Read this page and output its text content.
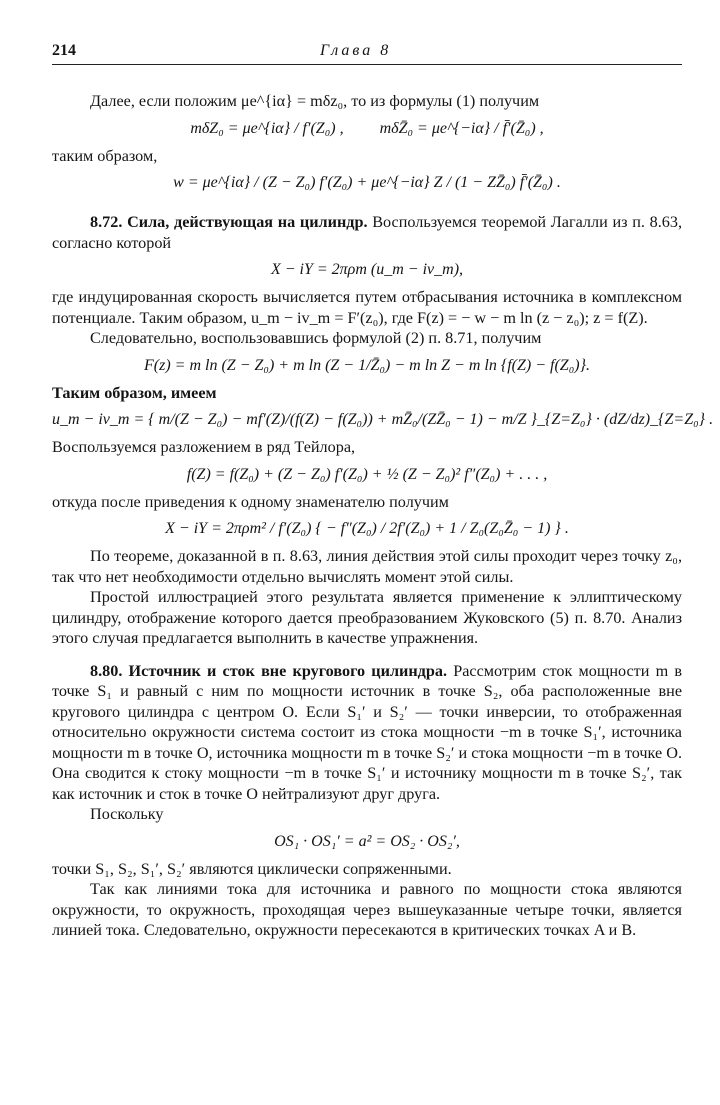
214	Глава 8

Далее, если положим μe^{iα} = mδz₀, то из формулы (1) получим

mδZ₀ = μe^{iα} / f′(Z₀) , mδZ̄₀ = μe^{−iα} / f̄′(Z̄₀) ,

таким образом,

w = μe^{iα} / (Z − Z₀) f′(Z₀) + μe^{−iα} Z / (1 − ZZ̄₀) f̄′(Z̄₀) .

8.72. Сила, действующая на цилиндр. Воспользуемся теоремой Лагалли из п. 8.63, согласно которой

X − iY = 2πρm (u_m − iv_m),

где индуцированная скорость вычисляется путем отбрасывания источника в комплексном потенциале. Таким образом, u_m − iv_m = F′(z₀), где F(z) = − w − m ln (z − z₀); z = f(Z).

Следовательно, воспользовавшись формулой (2) п. 8.71, получим

F(z) = m ln (Z − Z₀) + m ln (Z − 1/Z̄₀) − m ln Z − m ln {f(Z) − f(Z₀)}.

Таким образом, имеем

u_m − iv_m = { m/(Z − Z₀) − mf′(Z)/(f(Z) − f(Z₀)) + mZ̄₀/(ZZ̄₀ − 1) − m/Z }_{Z=Z₀} · (dZ/dz)_{Z=Z₀} .

Воспользуемся разложением в ряд Тейлора,

f(Z) = f(Z₀) + (Z − Z₀) f′(Z₀) + ½ (Z − Z₀)² f″(Z₀) + . . . ,

откуда после приведения к одному знаменателю получим

X − iY = 2πρm² / f′(Z₀) { − f″(Z₀) / 2f′(Z₀) + 1 / Z₀(Z₀Z̄₀ − 1) } .

По теореме, доказанной в п. 8.63, линия действия этой силы проходит через точку z₀, так что нет необходимости отдельно вычислять момент этой силы.

Простой иллюстрацией этого результата является применение к эллиптическому цилиндру, отображение которого дается преобразованием Жуковского (5) п. 8.70. Анализ этого случая предлагается выполнить в качестве упражнения.

8.80. Источник и сток вне кругового цилиндра. Рассмотрим сток мощности m в точке S₁ и равный с ним по мощности источник в точке S₂, оба расположенные вне кругового цилиндра с центром O. Если S₁′ и S₂′ — точки инверсии, то отображенная относительно окружности система состоит из стока мощности −m в точке S₁′, источника мощности m в точке O, источника мощности m в точке S₂′ и стока мощности −m в точке O. Она сводится к стоку мощности −m в точке S₁′ и источнику мощности m в точке S₂′, так как источник и сток в точке O нейтрализуют друг друга.

Поскольку

OS₁ · OS₁′ = a² = OS₂ · OS₂′,

точки S₁, S₂, S₁′, S₂′ являются циклически сопряженными.

Так как линиями тока для источника и равного по мощности стока являются окружности, то окружность, проходящая через вышеуказанные четыре точки, является линией тока. Следовательно, окружности пересекаются в критических точках A и B.
